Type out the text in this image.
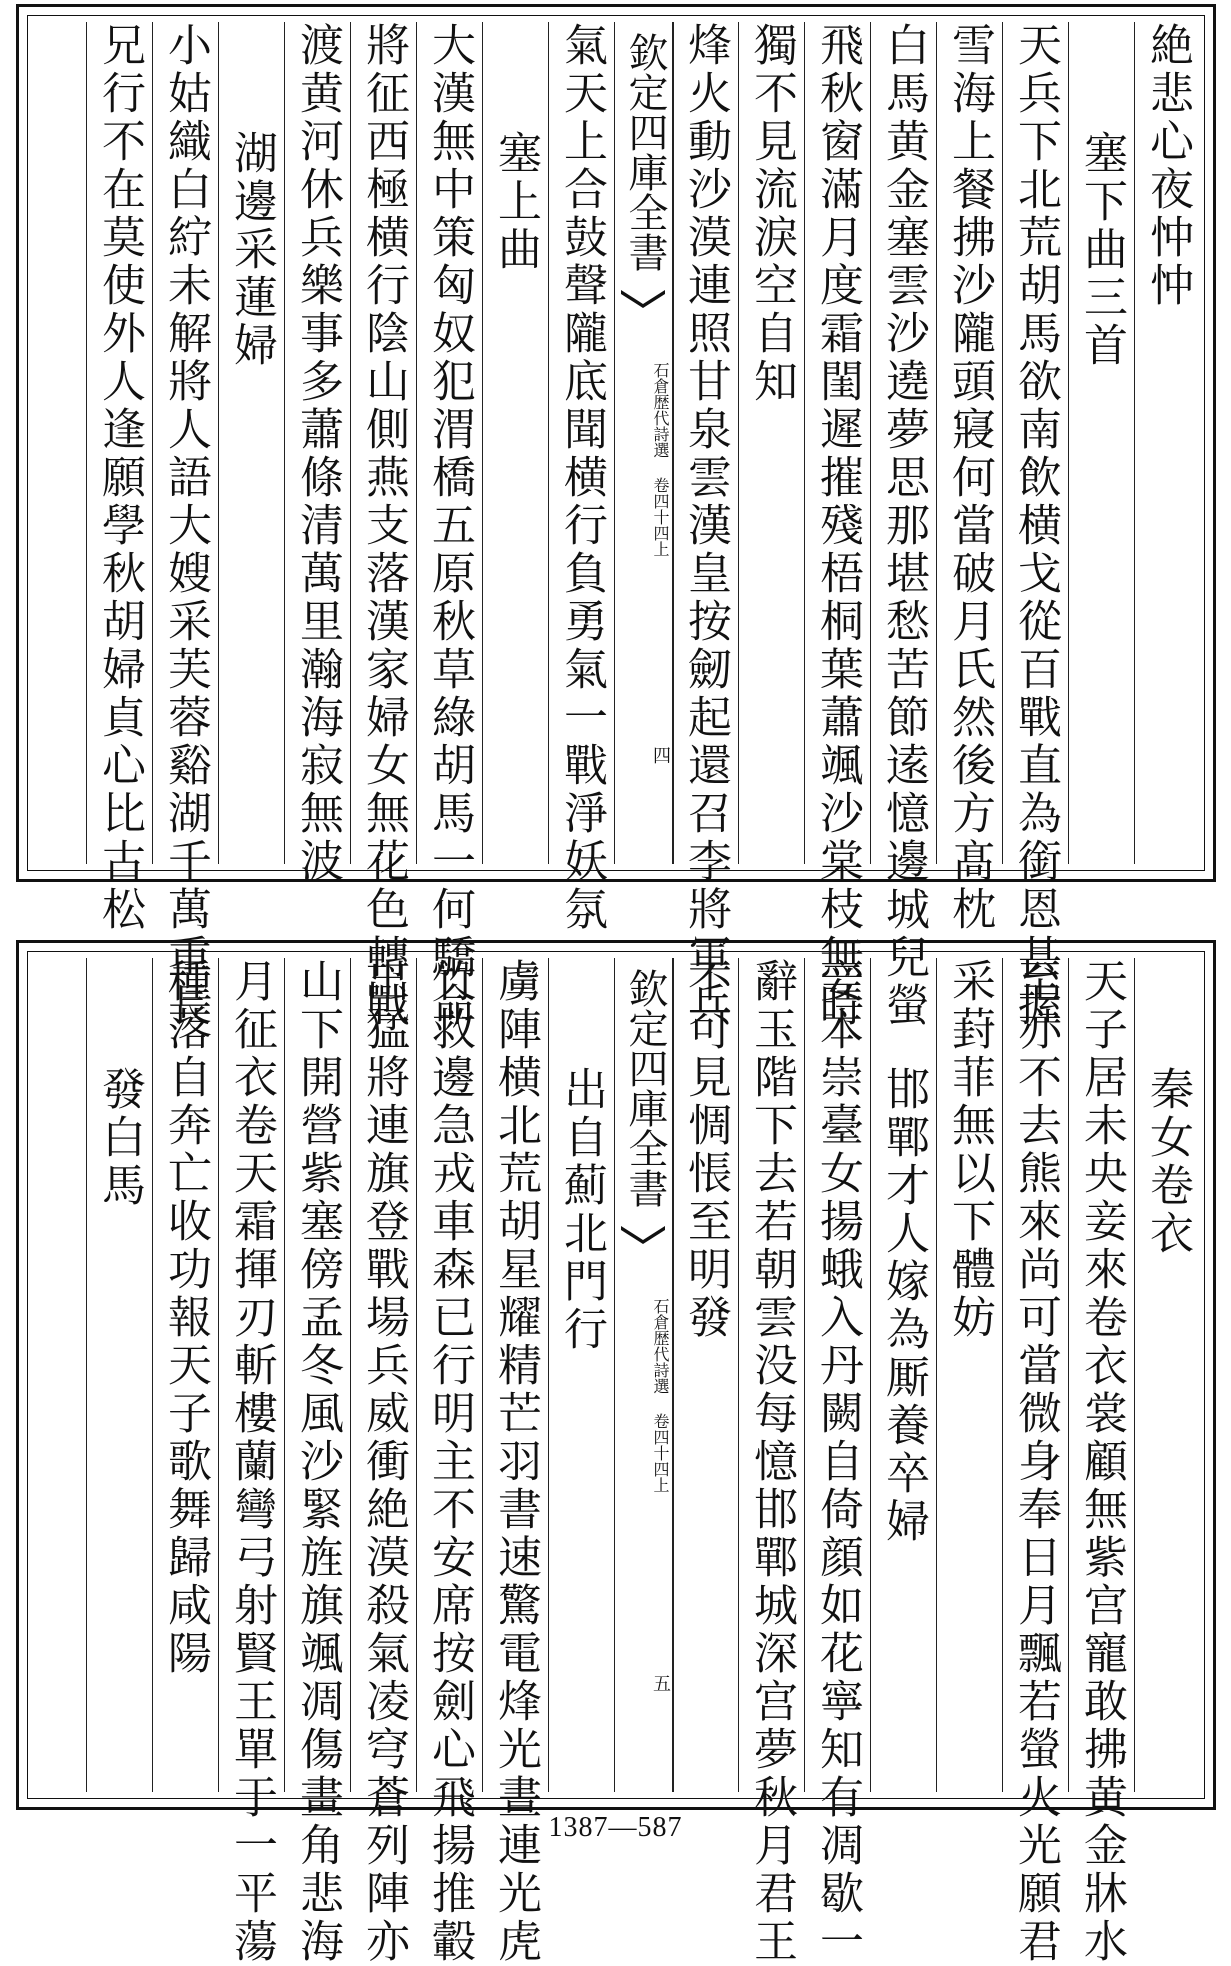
絶悲心夜忡忡
塞下曲三首
天兵下北荒胡馬欲南飲横戈從百戰直為銜恩甚握
雪海上餐拂沙隴頭寢何當破月氏然後方髙枕
白馬黄金塞雲沙遶夢思那堪愁苦節逺憶邊城兒螢
飛秋窗滿月度霜閨遲摧殘梧桐葉蕭颯沙棠枝無時
獨不見流淚空自知
烽火動沙漠連照甘泉雲漢皇按劒起還召李將軍兵
欽定四庫全書
石倉歴代詩選 卷四十四上
四
氣天上合鼔聲隴底聞横行負勇氣一戰淨妖氛
塞上曲
大漢無中策匈奴犯渭橋五原秋草綠胡馬一何驕命
將征西極横行陰山側燕支落漢家婦女無花色轉戰
渡黄河休兵樂事多蕭條清萬里瀚海寂無波
湖邊采蓮婦
小姑織白紵未解將人語大嫂采芙蓉谿湖千萬重長
兄行不在莫使外人逢願學秋胡婦貞心比古松
秦女卷衣
天子居未央妾來卷衣裳顧無紫宫寵敢拂黄金牀水
至亦不去熊來尚可當微身奉日月飄若螢火光願君
采葑菲無以下體妨
邯鄲才人嫁為厮養卒婦
妾本崇臺女揚蛾入丹闕自倚顔如花寧知有凋歇一
辭玉階下去若朝雲没每憶邯鄲城深宫夢秋月君王
不可見惆悵至明發
欽定四庫全書
石倉歴代詩選 卷四十四上
五
出自薊北門行
虜陣横北荒胡星耀精芒羽書速驚電烽光晝連光虎
竹救邊急戎車森已行明主不安席按劍心飛揚推轂
出猛將連旗登戰場兵威衝絶漠殺氣凌穹蒼列陣亦
山下開營紫塞傍孟冬風沙緊旌旗颯凋傷畫角悲海
月征衣卷天霜揮刃斬樓蘭彎弓射賢王單于一平蕩
種落自奔亡收功報天子歌舞歸咸陽
發白馬
1387—587
